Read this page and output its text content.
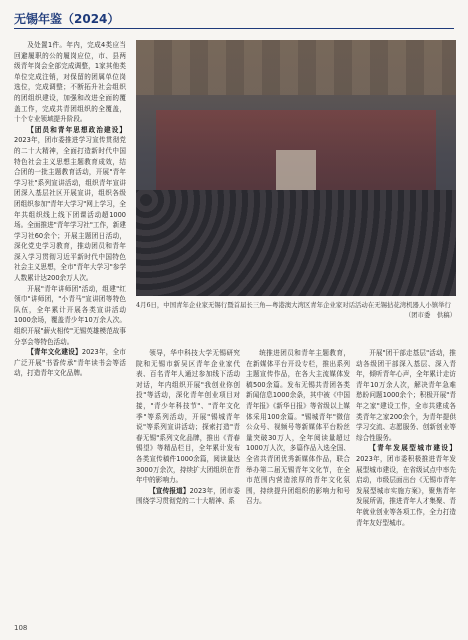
无锡年鉴（2024）

及处置1件。年内，完成4类应当回避履职的公的履岗应位，市、县两级青年岗会全部完成调整，1家其他类单位完成注销，对保留的团属单位岗选位，完成调整；不断拓升社会组织的团组织建设，加强和改进全面的覆盖工作，完成共青团组织的全覆盖，十个专业领域提升阶段。

【团员和青年思想政治建设】2023年，团市委推进学习宣传贯彻党的二十大精神，全面打造新时代中国特色社会主义思想主题教育成效，结合团的一批主题教育活动，开展"青年学习社"系列宣讲活动，组织青年宣讲团深入基层社区开展宣讲，组织各级团组织参加"青年大学习"网上学习，全年共组织线上线下团课活动超1000场。全面推进"青年学习社"工作，新建学习社60余个；开展主题团日活动，深化党史学习教育，推动团员和青年深入学习贯彻习近平新时代中国特色社会主义思想，全市"青年大学习"参学人数累计达200余万人次。

开展"青年讲师团"活动，组建"红领巾"讲师团，"小青马"宣讲团等特色队伍，全年累计开展各类宣讲活动1000余场，覆盖青少年10万余人次。组织开展"薪火相传"无锡英雄模范故事分享会等特色活动。

【青年文化建设】2023年，全市广泛开展"书香传承"青年读书会等活动，打造青年文化品牌。

4月6日，中国青年企业家无锡行暨首届长三角—粤港澳大湾区青年企业家对话活动在无锡拈花湾机器人小镇举行
（团市委　供稿）

领导，华中科技大学无锡研究院和无锡市新吴区青年企业家代表、百名青年人通过参加线下活动对话，年内组织开展"我创业你创投"等活动，深化青年创业项目对接，"青少年科技节"、"青年文化季"等系列活动，开展"锡城青年说"等系列宣讲活动；探索打造"青春无锡"系列文化品牌，推出《青春锡望》等精品栏目，全年累计发布各类宣传稿件1000余篇，阅读量达3000万余次，持续扩大团组织在青年中的影响力。

【宣传报道】2023年，团市委围绕学习贯彻党的二十大精神、系

统推进团员和青年主题教育，在新媒体平台开设专栏，推出系列主题宣传作品，在各大主流媒体发稿500余篇。发布无锡共青团各类新闻信息1000余条，其中被《中国青年报》《新华日报》等省级以上媒体采用100余篇。"锡城青年"微信公众号、视频号等新媒体平台粉丝量突破30万人，全年阅读量超过1000万人次，多篇作品入选全国、全省共青团优秀新媒体作品，联合举办第二届无锡青年文化节，在全市范围内营造浓厚的青年文化氛围，持续提升团组织的影响力和号召力。

开展"团干部走基层"活动，推动各级团干部深入基层、深入青年，倾听青年心声，全年累计走访青年10万余人次，解决青年急难愁盼问题1000余个；积极开展"青年之家"建设工作，全市共建成各类青年之家200余个，为青年提供学习交流、志愿服务、创新创业等综合性服务。

【青年发展型城市建设】2023年，团市委积极推进青年发展型城市建设，在省级试点中率先启动，市级层面出台《无锡市青年发展型城市实施方案》，聚焦青年发展所需，推进青年人才集聚、青年就业创业等各项工作，全力打造青年友好型城市。

108
